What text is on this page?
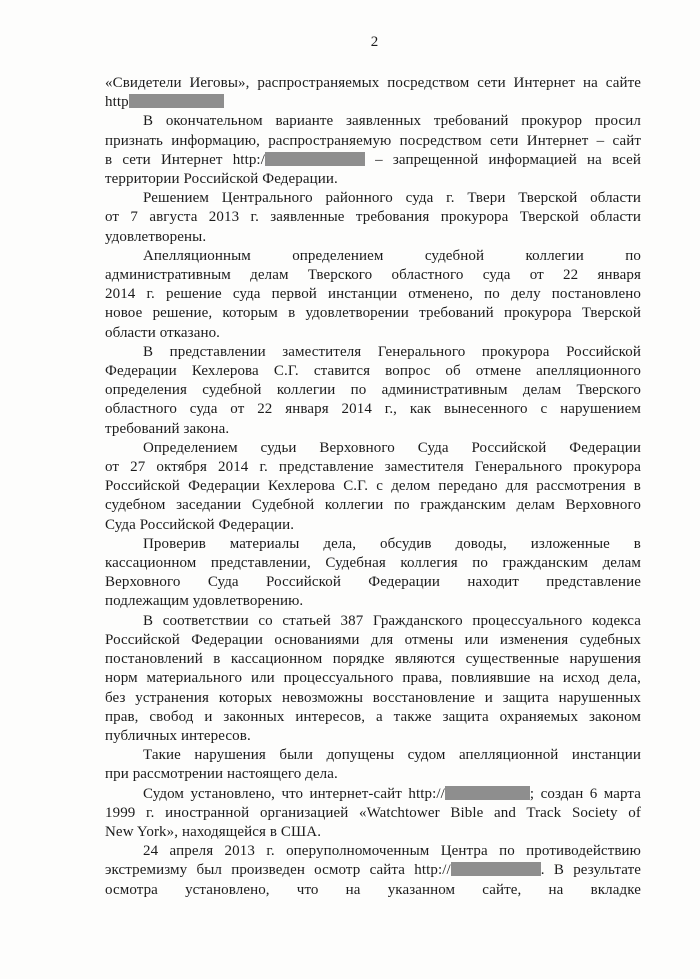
2
«Свидетели Иеговы», распространяемых посредством сети Интернет на сайте
http
В окончательном варианте заявленных требований прокурор просил
признать информацию, распространяемую посредством сети Интернет – сайт
в сети Интернет http:/	– запрещенной информацией на всей
территории Российской Федерации.
Решением Центрального районного суда г. Твери Тверской области
от 7 августа 2013 г. заявленные требования прокурора Тверской области
удовлетворены.
Апелляционным определением судебной коллегии по
административным делам Тверского областного суда от 22 января
2014 г. решение суда первой инстанции отменено, по делу постановлено
новое решение, которым в удовлетворении требований прокурора Тверской
области отказано.
В представлении заместителя Генерального прокурора Российской
Федерации Кехлерова С.Г. ставится вопрос об отмене апелляционного
определения судебной коллегии по административным делам Тверского
областного суда от 22 января 2014 г., как вынесенного с нарушением
требований закона.
Определением судьи Верховного Суда Российской Федерации
от 27 октября 2014 г. представление заместителя Генерального прокурора
Российской Федерации Кехлерова С.Г. с делом передано для рассмотрения в
судебном заседании Судебной коллегии по гражданским делам Верховного
Суда Российской Федерации.
Проверив материалы дела, обсудив доводы, изложенные в
кассационном представлении, Судебная коллегия по гражданским делам
Верховного Суда Российской Федерации находит представление
подлежащим удовлетворению.
В соответствии со статьей 387 Гражданского процессуального кодекса
Российской Федерации основаниями для отмены или изменения судебных
постановлений в кассационном порядке являются существенные нарушения
норм материального или процессуального права, повлиявшие на исход дела,
без устранения которых невозможны восстановление и защита нарушенных
прав, свобод и законных интересов, а также защита охраняемых законом
публичных интересов.
Такие нарушения были допущены судом апелляционной инстанции
при рассмотрении настоящего дела.
Судом установлено, что интернет-сайт http://	; создан 6 марта
1999 г. иностранной организацией «Watchtower Bible and Track Society of
New York», находящейся в США.
24 апреля 2013 г. оперуполномоченным Центра по противодействию
экстремизму был произведен осмотр сайта http://	. В результате
осмотра установлено, что на указанном сайте, на вкладке
